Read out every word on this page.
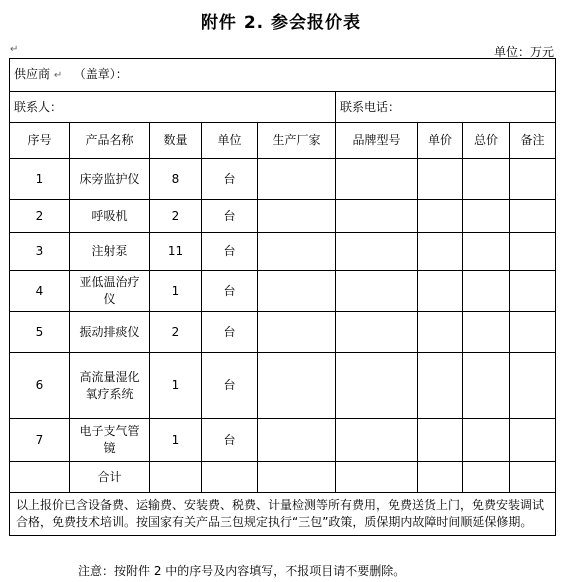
附件 2. 参会报价表
↵	单位：万元
供应商 ↵ （盖章）：								
联系人：					联系电话：			
序号	产品名称	数量	单位	生产厂家	品牌型号	单价	总价	备注
1	床旁监护仪	8	台					
2	呼吸机	2	台					
3	注射泵	11	台					
4	亚低温治疗仪	1	台					
5	振动排痰仪	2	台					
6	高流量湿化氧疗系统	1	台					
7	电子支气管镜	1	台					
	合计							
以上报价已含设备费、运输费、安装费、税费、计量检测等所有费用，免费送货上门，免费安装调试合格，免费技术培训。按国家有关产品三包规定执行“三包”政策，质保期内故障时间顺延保修期。								
注意：按附件 2 中的序号及内容填写，不报项目请不要删除。
